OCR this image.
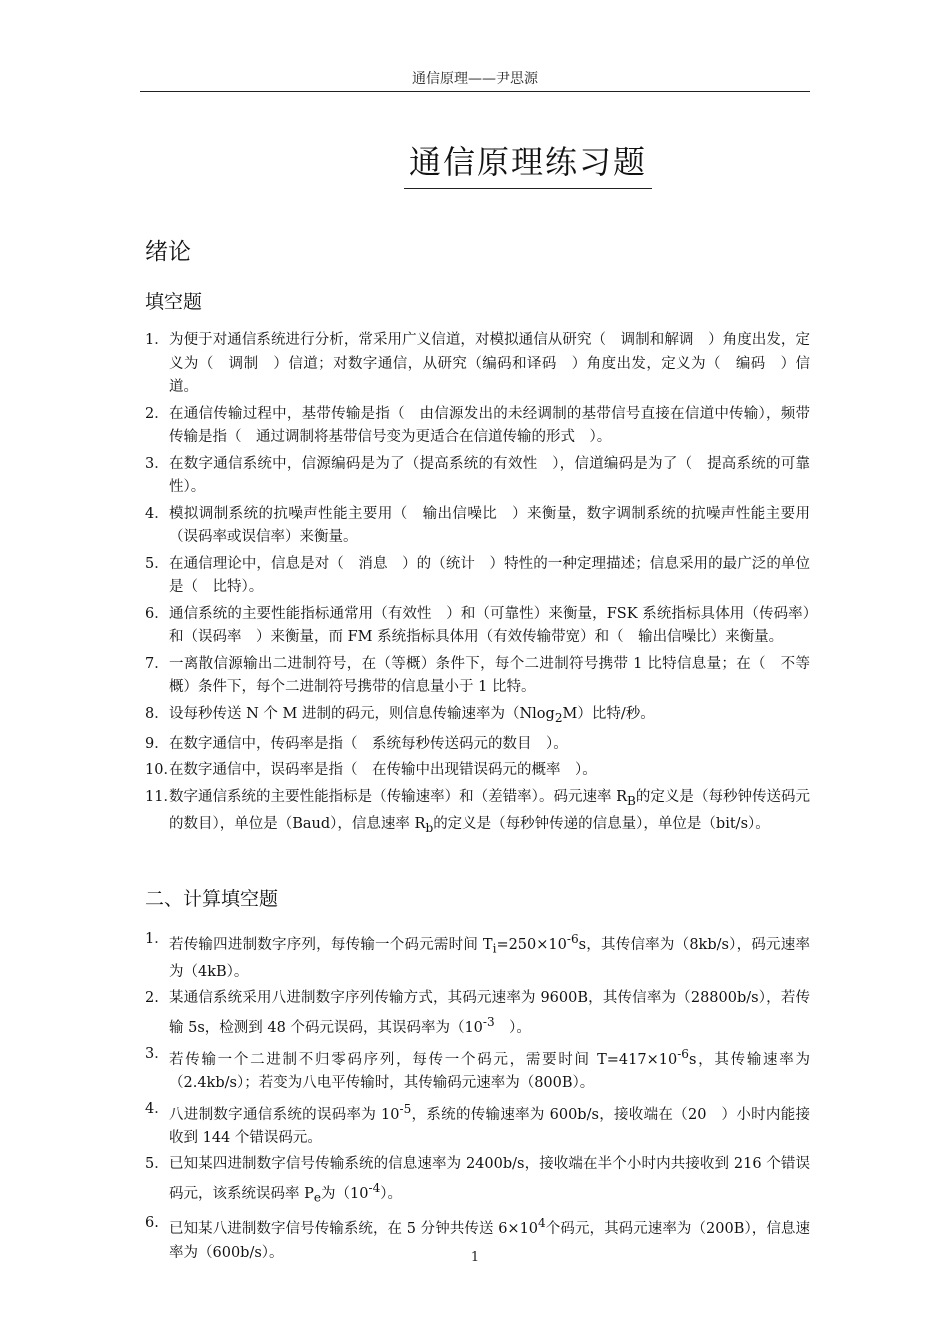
通信原理——尹思源
通信原理练习题
绪论
填空题
1． 为便于对通信系统进行分析，常采用广义信道，对模拟通信从研究（　调制和解调　）角度出发，定义为（　调制　）信道；对数字通信，从研究（编码和译码　）角度出发，定义为（　编码　）信道。
2． 在通信传输过程中，基带传输是指（　由信源发出的未经调制的基带信号直接在信道中传输），频带传输是指（　通过调制将基带信号变为更适合在信道传输的形式　）。
3． 在数字通信系统中，信源编码是为了（提高系统的有效性　），信道编码是为了（　提高系统的可靠性）。
4． 模拟调制系统的抗噪声性能主要用（　输出信噪比　）来衡量，数字调制系统的抗噪声性能主要用（误码率或误信率）来衡量。
5． 在通信理论中，信息是对（　消息　）的（统计　）特性的一种定理描述；信息采用的最广泛的单位是（　比特）。
6． 通信系统的主要性能指标通常用（有效性　）和（可靠性）来衡量，FSK 系统指标具体用（传码率）和（误码率　）来衡量，而 FM 系统指标具体用（有效传输带宽）和（　输出信噪比）来衡量。
7． 一离散信源输出二进制符号，在（等概）条件下，每个二进制符号携带 1 比特信息量；在（　不等概）条件下，每个二进制符号携带的信息量小于 1 比特。
8． 设每秒传送 N 个 M 进制的码元，则信息传输速率为（Nlog$_2$M）比特/秒。
9． 在数字通信中，传码率是指（　系统每秒传送码元的数目　）。
10．
在数字通信中，误码率是指（　在传输中出现错误码元的概率　）。
11．
数字通信系统的主要性能指标是（传输速率）和（差错率）。码元速率 $R_B$的定义是（每秒钟传送码元的数目），单位是（Baud），信息速率 $R_b$的定义是（每秒钟传递的信息量），单位是（bit/s）。
二、计算填空题
1． 若传输四进制数字序列，每传输一个码元需时间 $T_i=250\times 10^{-6}s$，其传信率为（8kb/s），码元速率为（4kB）。
2. 某通信系统采用八进制数字序列传输方式，其码元速率为 9600B，其传信率为（28800b/s），若传输 5s，检测到 48 个码元误码，其误码率为（$10^{-3}$　）。
3． 若传输一个二进制不归零码序列，每传一个码元，需要时间 $T=417\times 10^{-6}s$，其传输速率为（2.4kb/s）；若变为八电平传输时，其传输码元速率为（800B）。
4． 八进制数字通信系统的误码率为 $10^{-5}$，系统的传输速率为 600b/s，接收端在（20　）小时内能接收到 144 个错误码元。
5． 已知某四进制数字信号传输系统的信息速率为 2400b/s，接收端在半个小时内共接收到 216 个错误码元，该系统误码率 $P_e$为$(10^{-4})$。
6. 已知某八进制数字信号传输系统，在 5 分钟共传送 $6\times 10^4$个码元，其码元速率为（200B），信息速率为（600b/s）。	1
